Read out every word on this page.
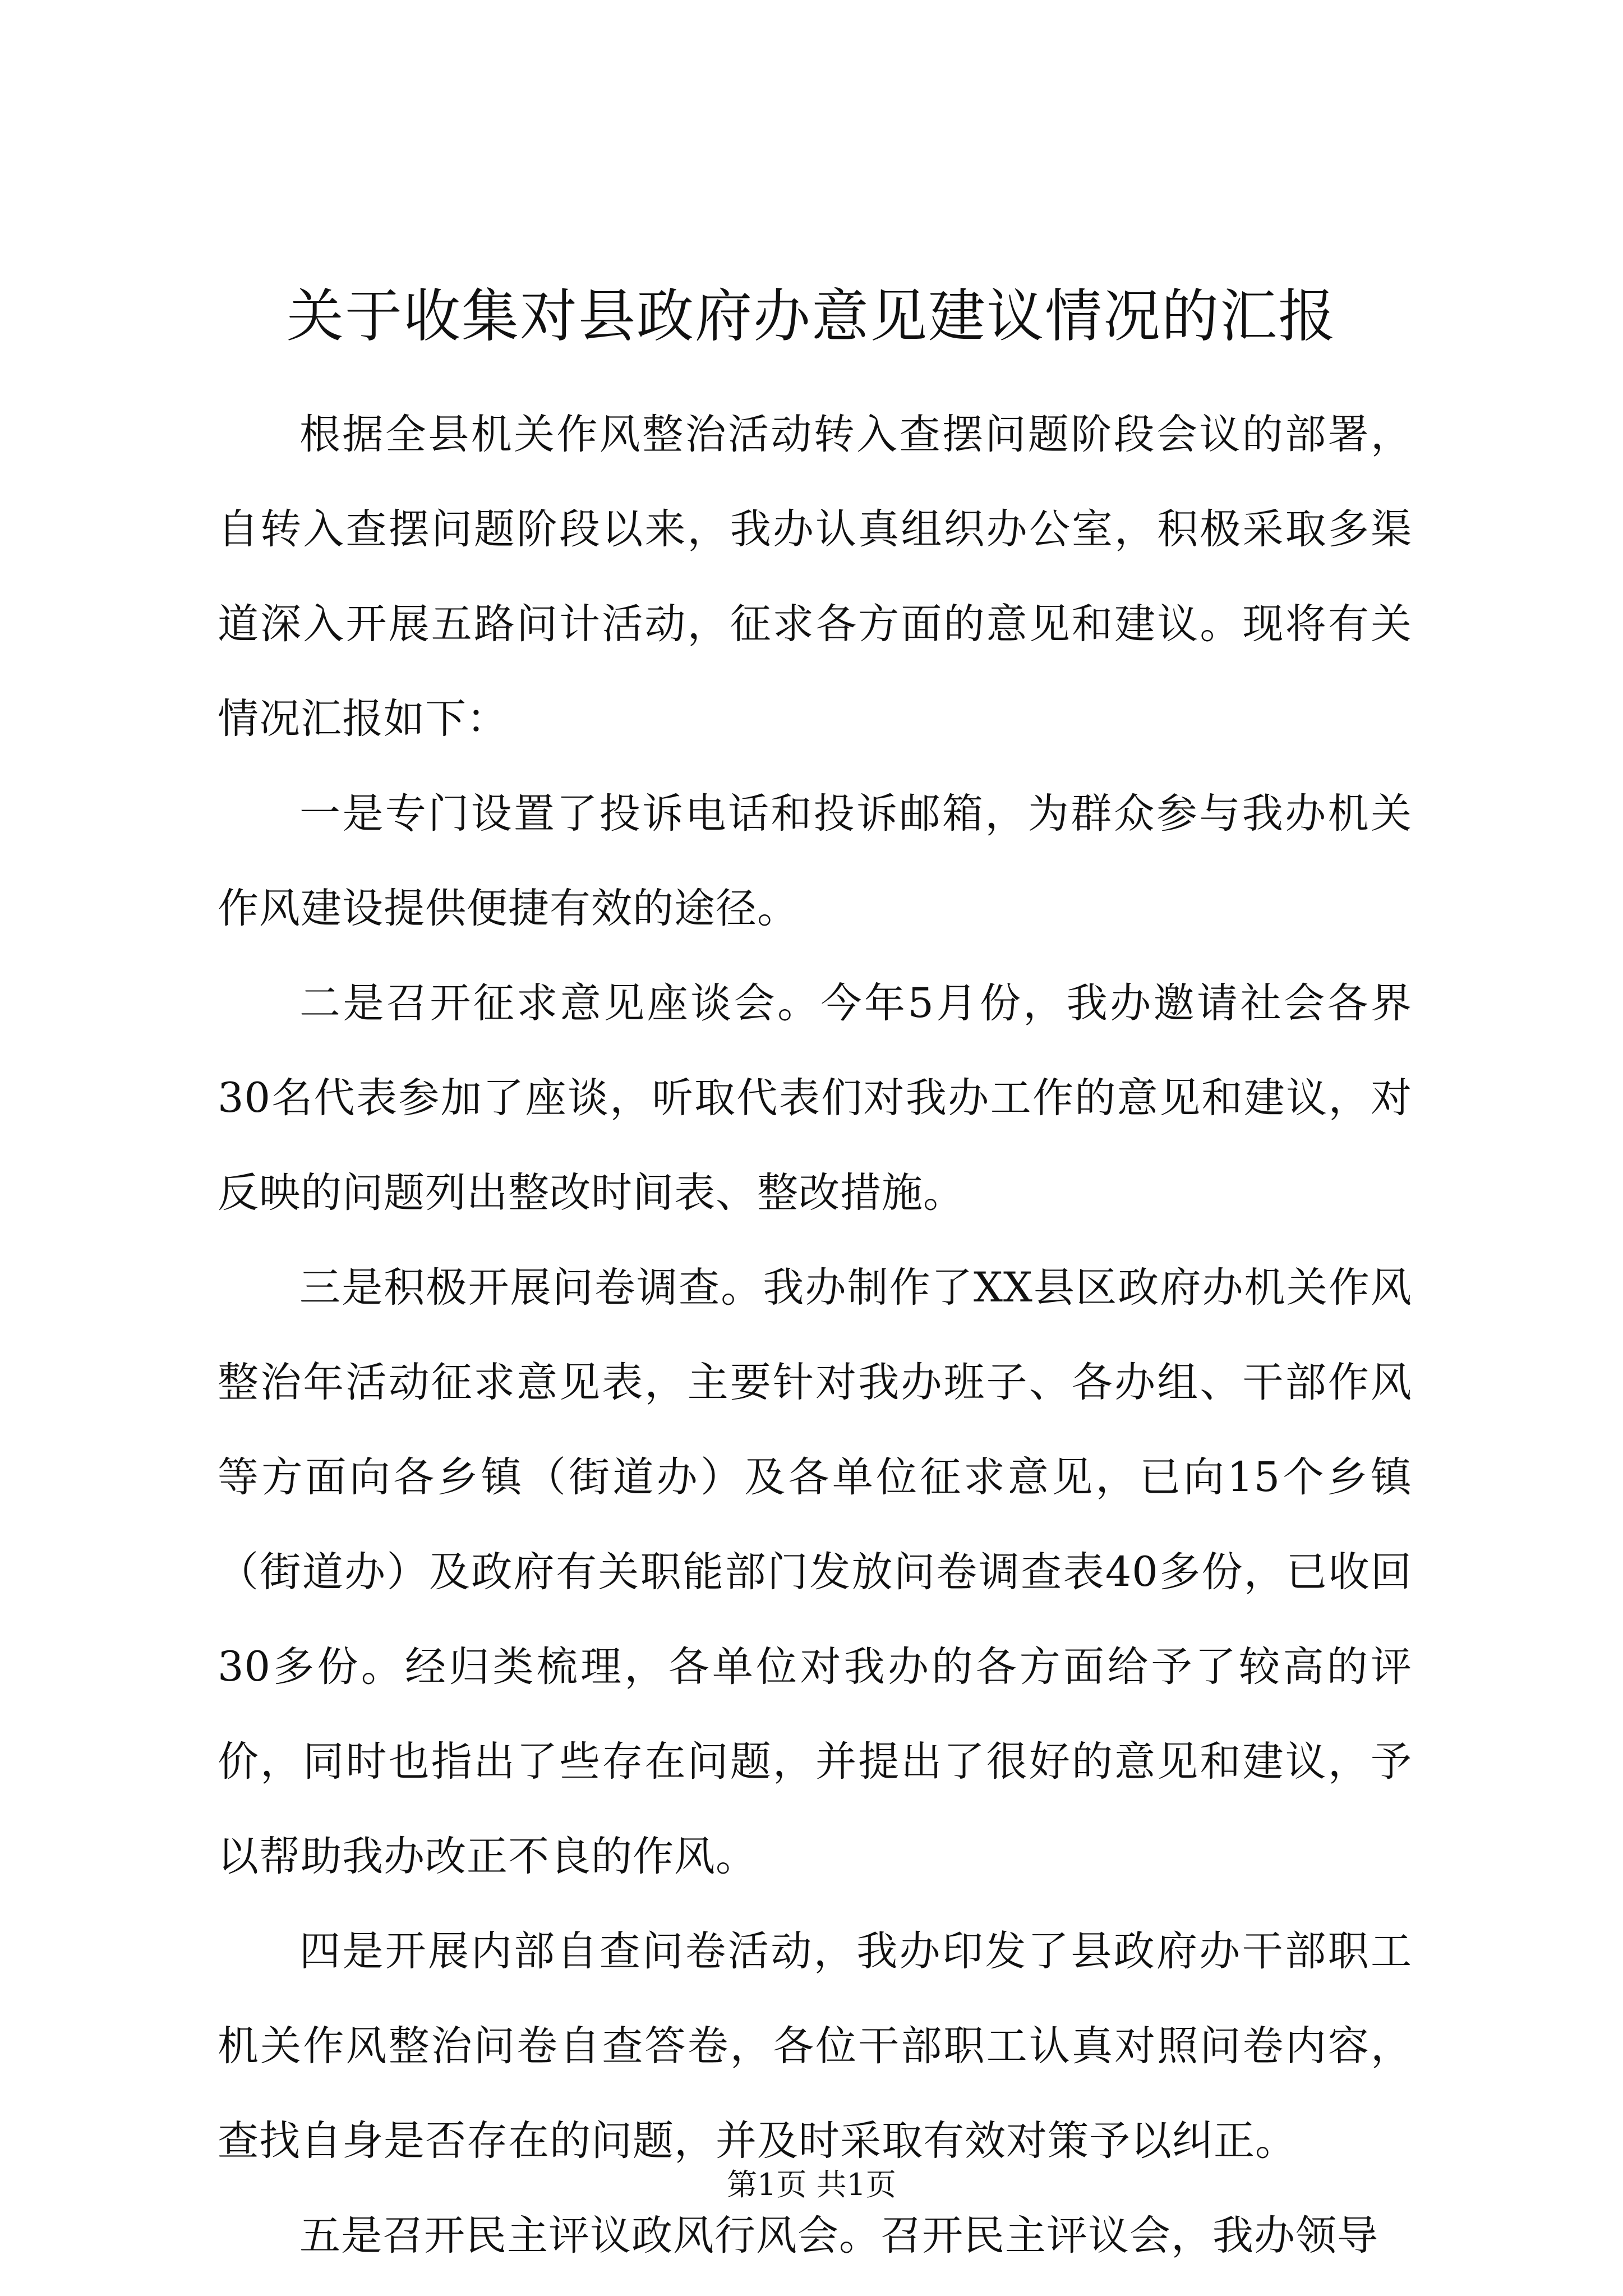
关于收集对县政府办意见建议情况的汇报

根据全县机关作风整治活动转入查摆问题阶段会议的部署，自转入查摆问题阶段以来，我办认真组织办公室，积极采取多渠道深入开展五路问计活动，征求各方面的意见和建议。现将有关情况汇报如下：

一是专门设置了投诉电话和投诉邮箱，为群众参与我办机关作风建设提供便捷有效的途径。

二是召开征求意见座谈会。今年5月份，我办邀请社会各界30名代表参加了座谈，听取代表们对我办工作的意见和建议，对反映的问题列出整改时间表、整改措施。

三是积极开展问卷调查。我办制作了XX县区政府办机关作风整治年活动征求意见表，主要针对我办班子、各办组、干部作风等方面向各乡镇（街道办）及各单位征求意见，已向15个乡镇（街道办）及政府有关职能部门发放问卷调查表40多份，已收回30多份。经归类梳理，各单位对我办的各方面给予了较高的评价，同时也指出了些存在问题，并提出了很好的意见和建议，予以帮助我办改正不良的作风。

四是开展内部自查问卷活动，我办印发了县政府办干部职工机关作风整治问卷自查答卷，各位干部职工认真对照问卷内容，查找自身是否存在的问题，并及时采取有效对策予以纠正。

五是召开民主评议政风行风会。召开民主评议会，我办领导

第1页 共1页
